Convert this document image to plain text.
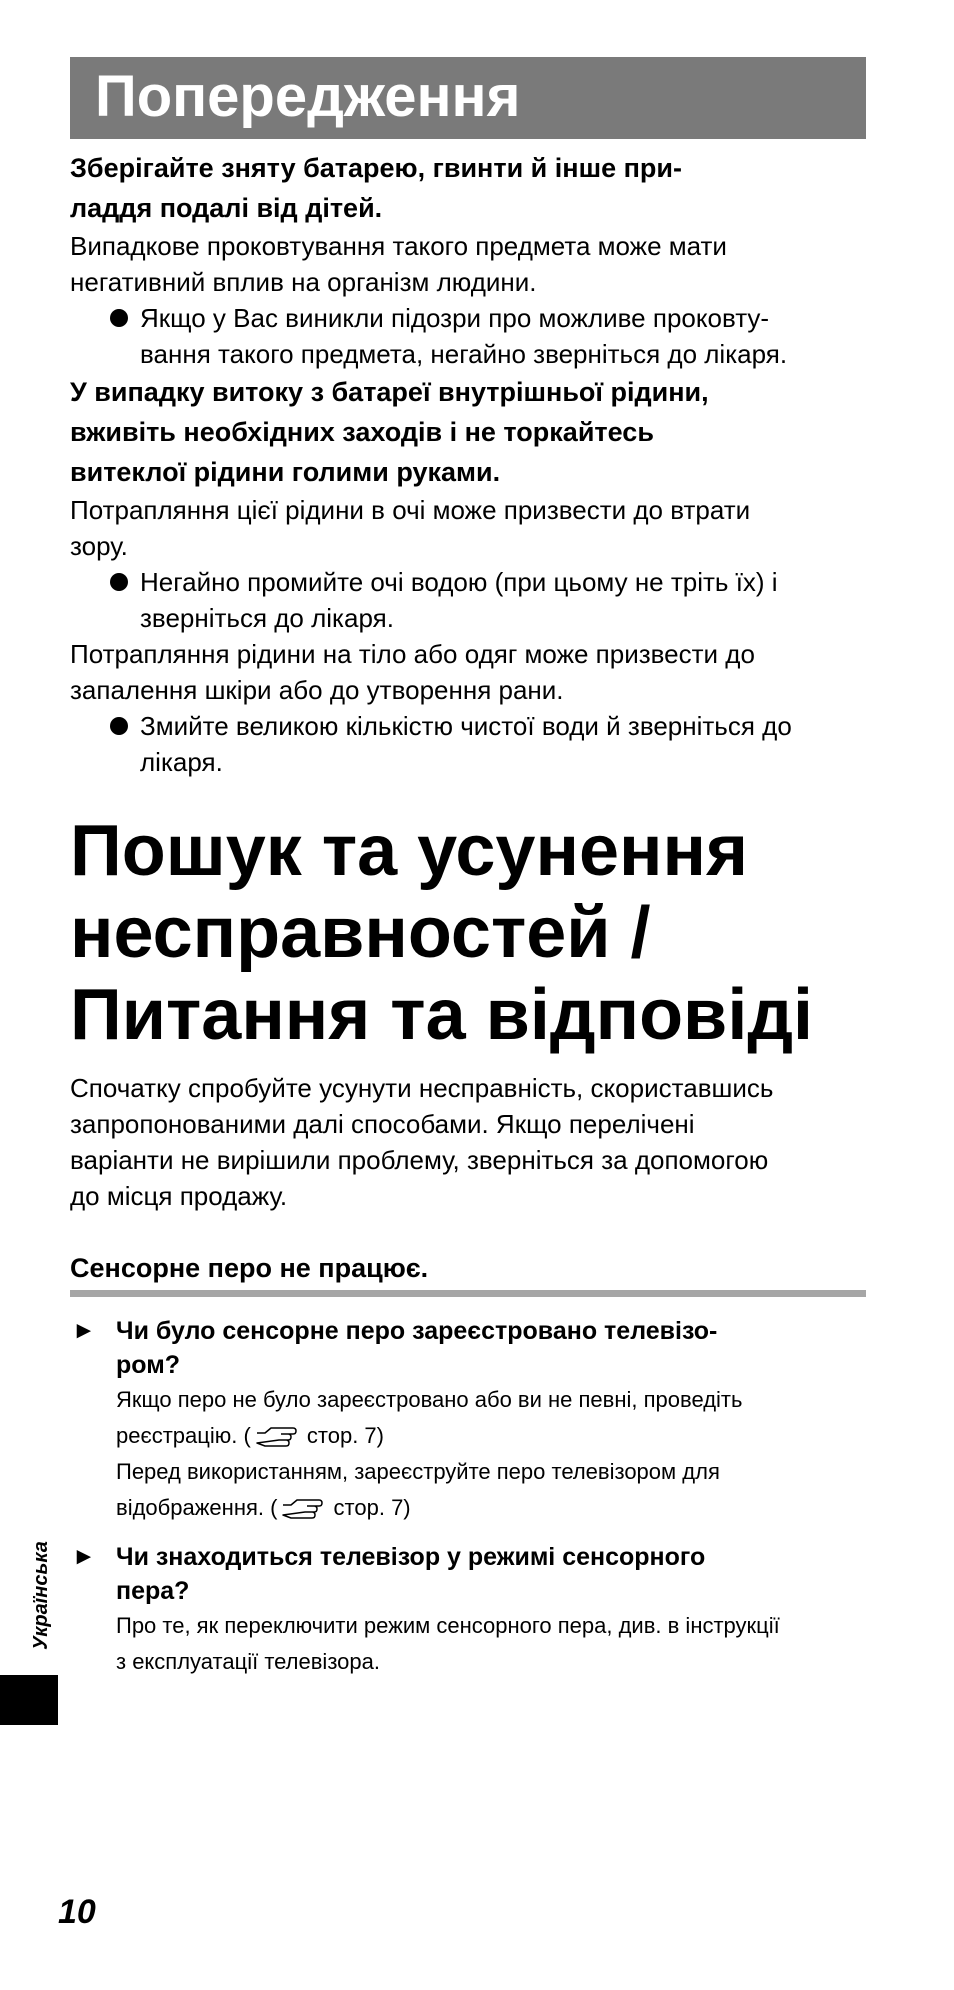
Попередження

Зберігайте зняту батарею, гвинти й інше при-
ладдя подалі від дітей.

Випадкове проковтування такого предмета може мати
негативний вплив на організм людини.

Якщо у Вас виникли підозри про можливе проковту-
вання такого предмета, негайно зверніться до лікаря.

У випадку витоку з батареї внутрішньої рідини,
вживіть необхідних заходів і не торкайтесь
витеклої рідини голими руками.

Потрапляння цієї рідини в очі може призвести до втрати
зору.

Негайно промийте очі водою (при цьому не тріть їх) і
зверніться до лікаря.

Потрапляння рідини на тіло або одяг може призвести до
запалення шкіри або до утворення рани.

Змийте великою кількістю чистої води й зверніться до
лікаря.
Пошук та усунення
несправностей /
Питання та відповіді

Спочатку спробуйте усунути несправність, скориставшись
запропонованими далі способами. Якщо перелічені
варіанти не вирішили проблему, зверніться за допомогою
до місця продажу.

Сенсорне перо не працює.

► Чи було сенсорне перо зареєстровано телевізо-
ром?

Якщо перо не було зареєстровано або ви не певні, проведіть
реєстрацію. ( стор. 7)
Перед використанням, зареєструйте перо телевізором для
відображення. ( стор. 7)

► Чи знаходиться телевізор у режимі сенсорного
пера?

Про те, як переключити режим сенсорного пера, див. в інструкції
з експлуатації телевізора.

Українська
10
